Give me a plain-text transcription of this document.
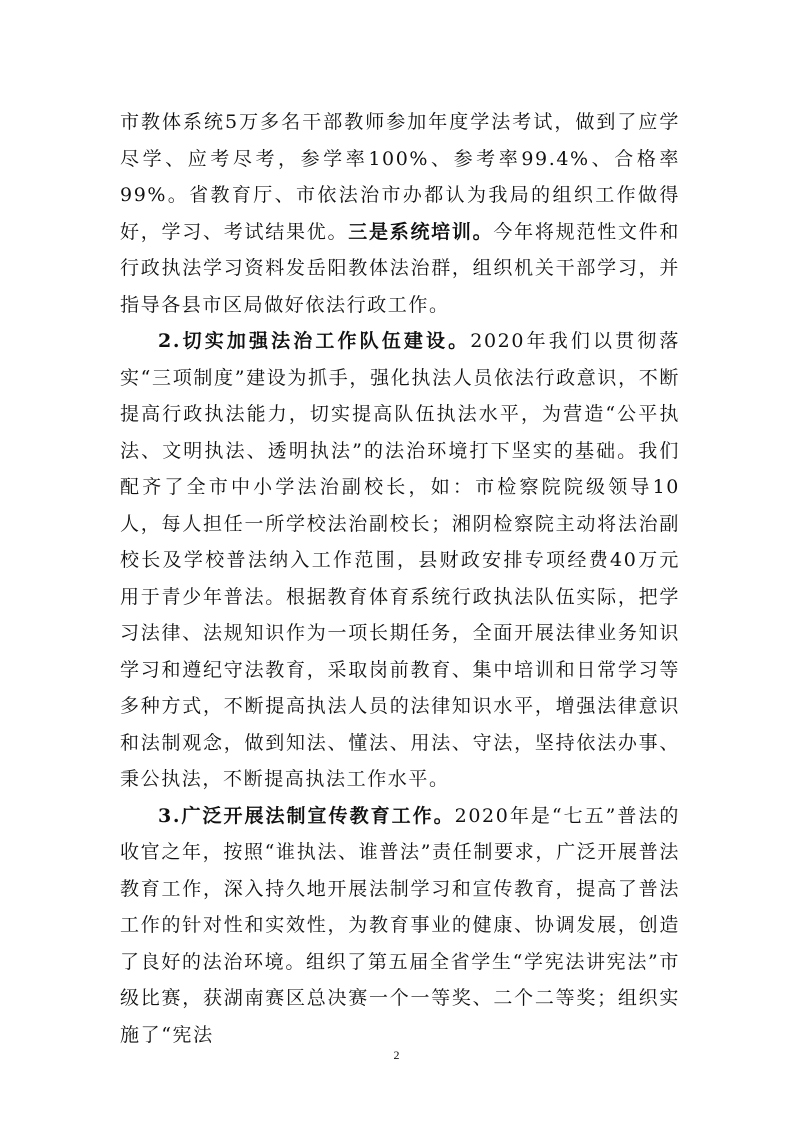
市教体系统5万多名干部教师参加年度学法考试，做到了应学尽学、应考尽考，参学率100%、参考率99.4%、合格率99%。省教育厅、市依法治市办都认为我局的组织工作做得好，学习、考试结果优。三是系统培训。今年将规范性文件和行政执法学习资料发岳阳教体法治群，组织机关干部学习，并指导各县市区局做好依法行政工作。

2.切实加强法治工作队伍建设。2020年我们以贯彻落实“三项制度”建设为抓手，强化执法人员依法行政意识，不断提高行政执法能力，切实提高队伍执法水平，为营造“公平执法、文明执法、透明执法”的法治环境打下坚实的基础。我们配齐了全市中小学法治副校长，如：市检察院院级领导10人，每人担任一所学校法治副校长；湘阴检察院主动将法治副校长及学校普法纳入工作范围，县财政安排专项经费40万元用于青少年普法。根据教育体育系统行政执法队伍实际，把学习法律、法规知识作为一项长期任务，全面开展法律业务知识学习和遵纪守法教育，采取岗前教育、集中培训和日常学习等多种方式，不断提高执法人员的法律知识水平，增强法律意识和法制观念，做到知法、懂法、用法、守法，坚持依法办事、秉公执法，不断提高执法工作水平。

3.广泛开展法制宣传教育工作。2020年是“七五”普法的收官之年，按照“谁执法、谁普法”责任制要求，广泛开展普法教育工作，深入持久地开展法制学习和宣传教育，提高了普法工作的针对性和实效性，为教育事业的健康、协调发展，创造了良好的法治环境。组织了第五届全省学生“学宪法讲宪法”市级比赛，获湖南赛区总决赛一个一等奖、二个二等奖；组织实施了“宪法

2
